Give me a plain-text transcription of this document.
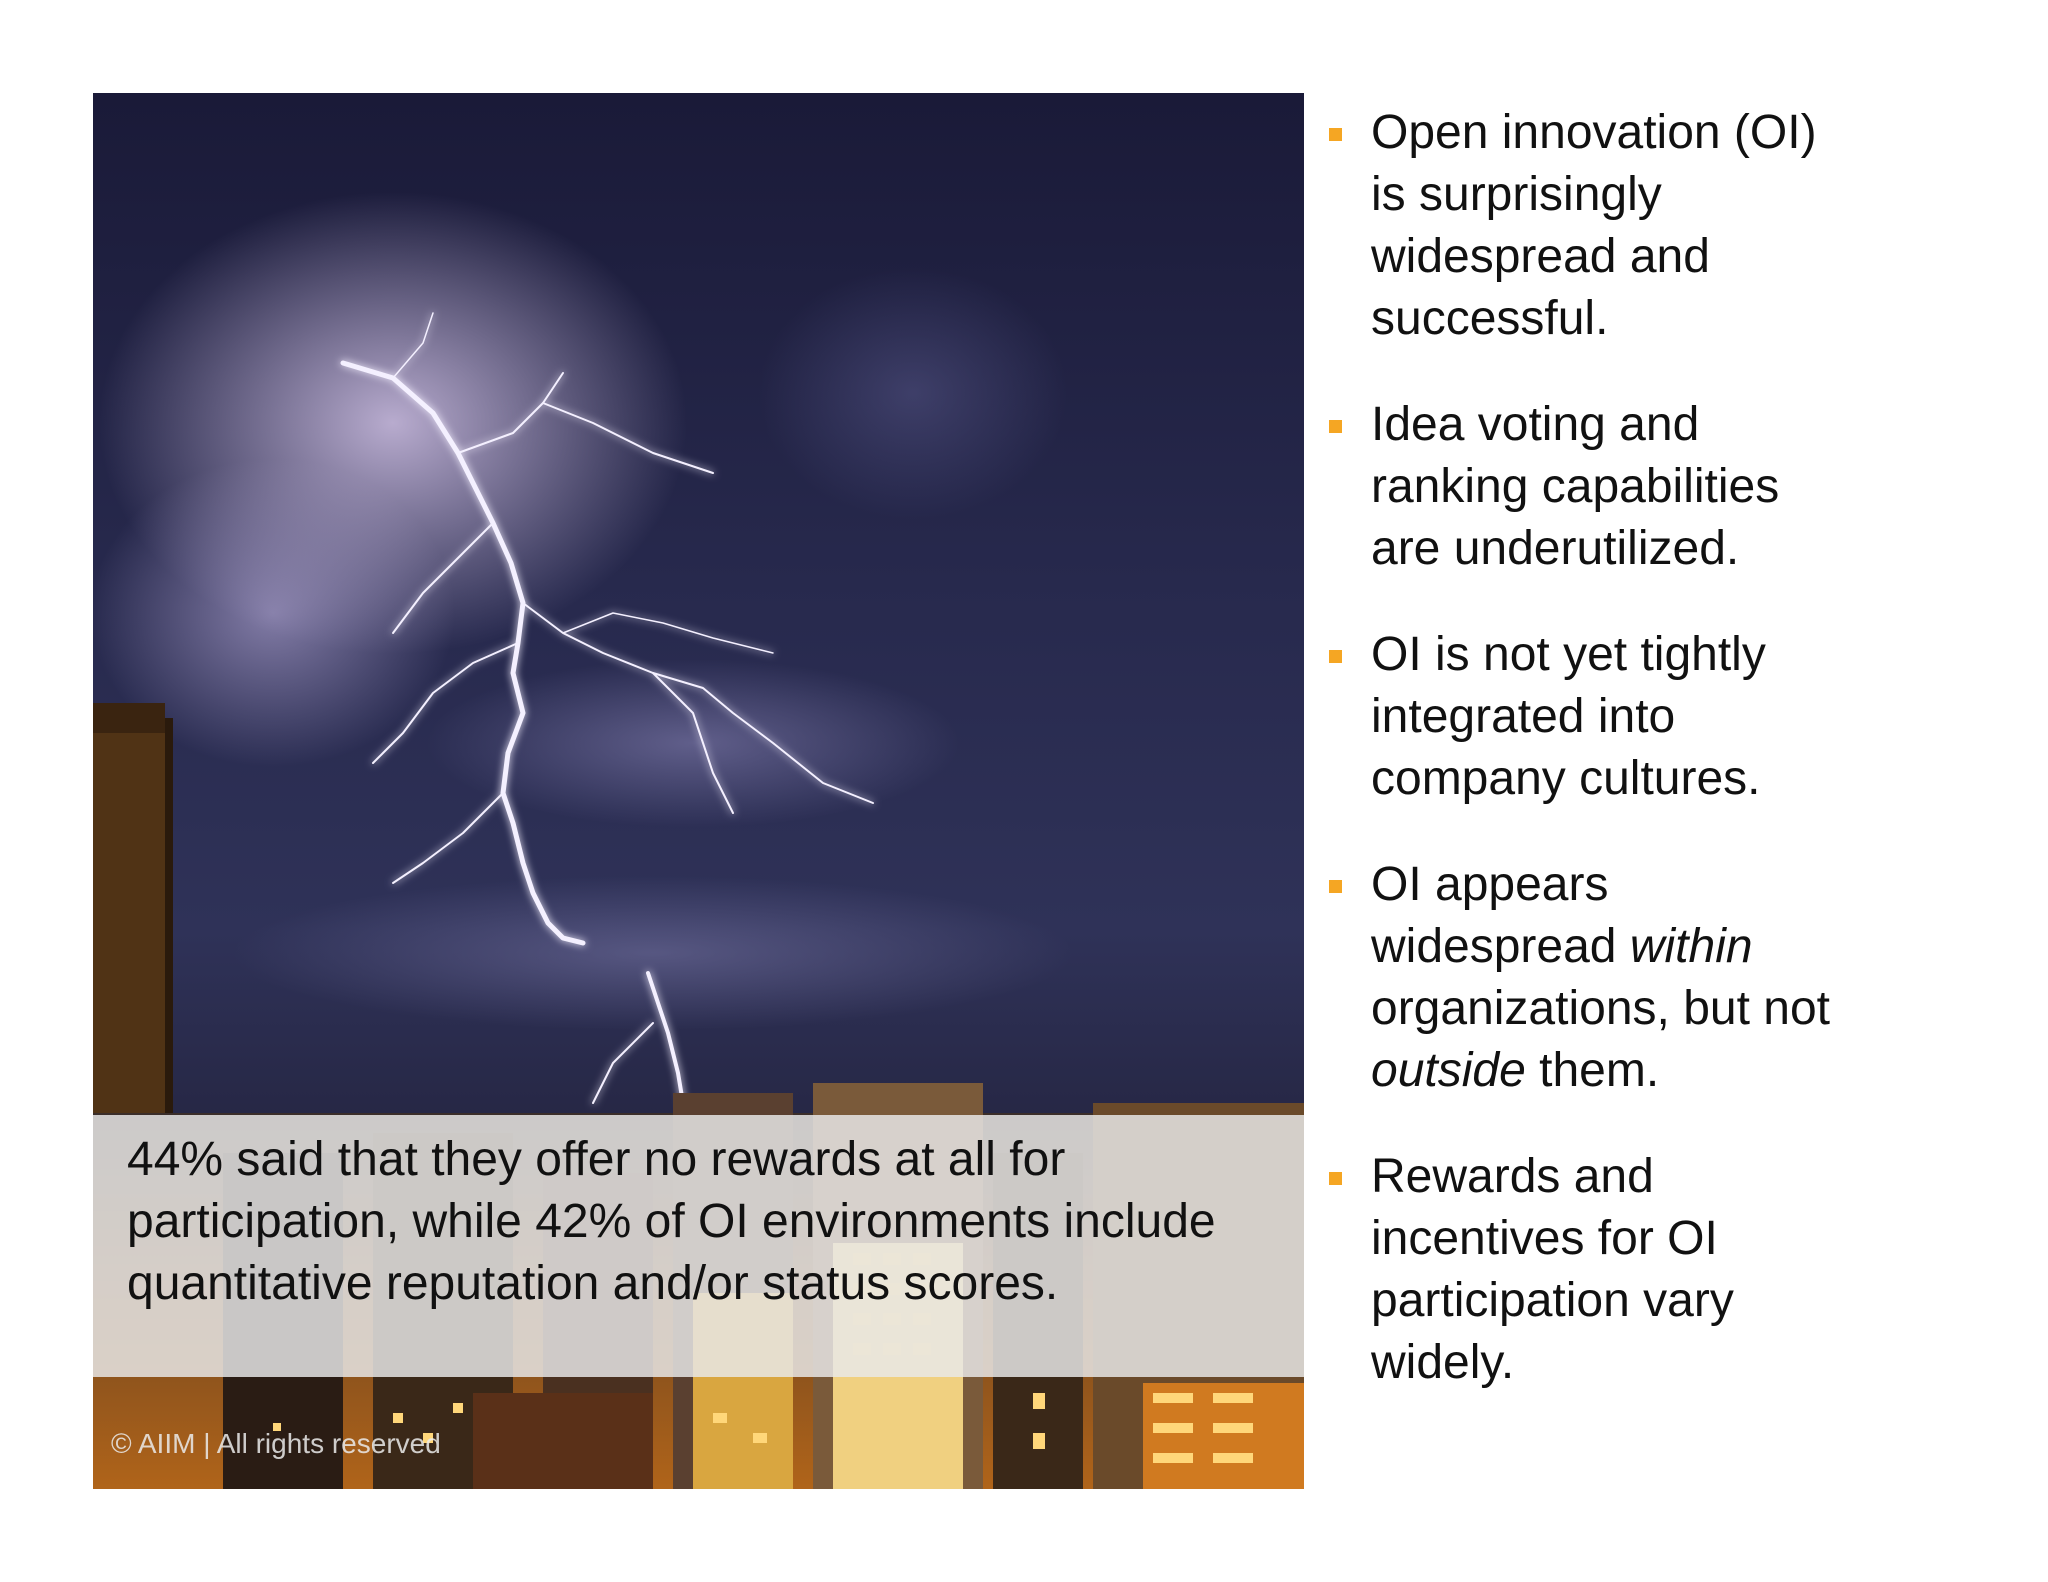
44% said that they offer no rewards at all for
participation, while 42% of OI environments include
quantitative reputation and/or status scores.
© AIIM | All rights reserved
Open innovation (OI)
is surprisingly
widespread and
successful.
Idea voting and
ranking capabilities
are underutilized.
OI is not yet tightly
integrated into
company cultures.
OI appears
widespread within
organizations, but not
outside them.
Rewards and
incentives for OI
participation vary
widely.
